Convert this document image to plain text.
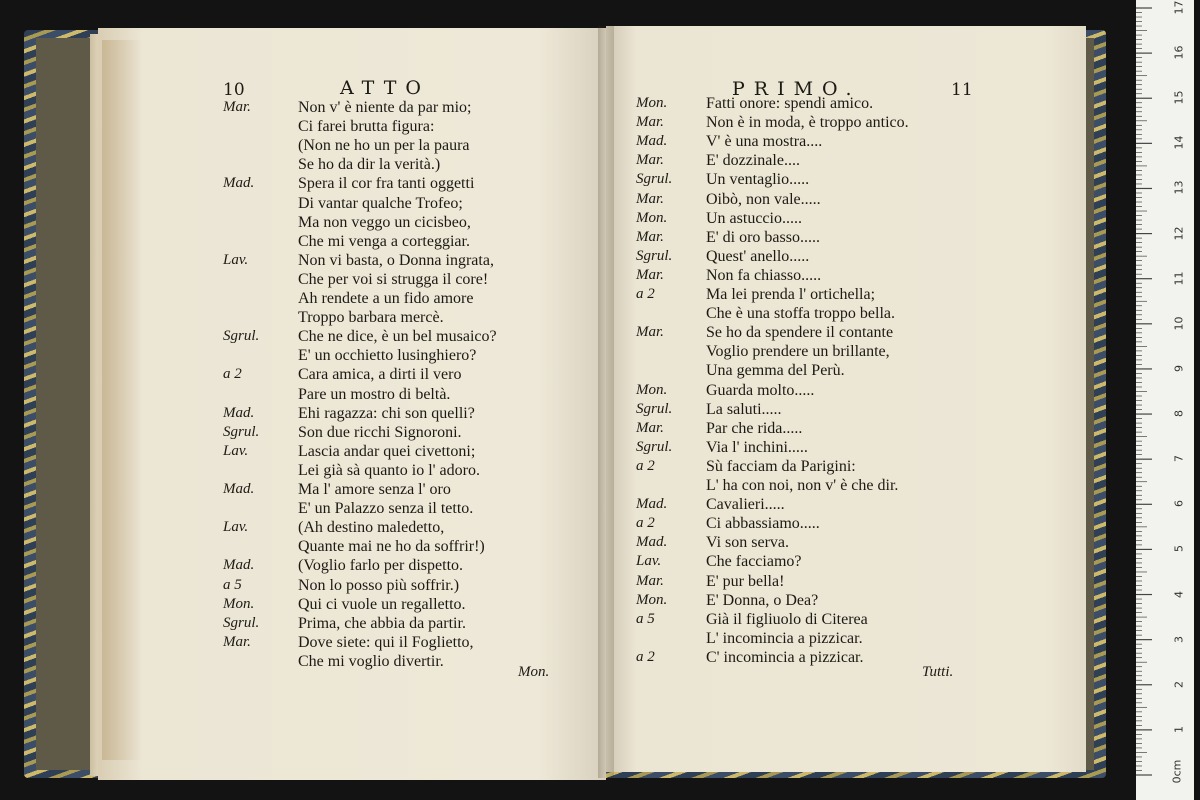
10	ATTO
Mar.	Non v' è niente da par mio;
Ci farei brutta figura:
(Non ne ho un per la paura
Se ho da dir la verità.)
Mad.	Spera il cor fra tanti oggetti
Di vantar qualche Trofeo;
Ma non veggo un cicisbeo,
Che mi venga a corteggiar.
Lav.	Non vi basta, o Donna ingrata,
Che per voi si strugga il core!
Ah rendete a un fido amore
Troppo barbara mercè.
Sgrul. Che ne dice, è un bel musaico?
E' un occhietto lusinghiero?
a 2	Cara amica, a dirti il vero
Pare un mostro di beltà.
Mad.	Ehi ragazza: chi son quelli?
Sgrul. Son due ricchi Signoroni.
Lav.	Lascia andar quei civettoni;
Lei già sà quanto io l' adoro.
Mad.	Ma l' amore senza l' oro
E' un Palazzo senza il tetto.
Lav.	(Ah destino maledetto,
Quante mai ne ho da soffrir!)
Mad.	(Voglio farlo per dispetto.
a 5	Non lo posso più soffrir.)
Mon.	Qui ci vuole un regalletto.
Sgrul. Prima, che abbia da partir.
Mar.	Dove siete: qui il Foglietto,
Che mi voglio divertir.
Mon.
PRIMO.	11
Mon. Fatti onore: spendi amico.
Mar.	Non è in moda, è troppo antico.
Mad. V' è una mostra....
Mar.	E' dozzinale....
Sgrul. Un ventaglio.....
Mar.	Oibò, non vale.....
Mon. Un astuccio.....
Mar.	E' di oro basso.....
Sgrul. Quest' anello.....
Mar.	Non fa chiasso.....
a 2	Ma lei prenda l' ortichella;
Che è una stoffa troppo bella.
Mar.	Se ho da spendere il contante
Voglio prendere un brillante,
Una gemma del Perù.
Mon. Guarda molto.....
Sgrul. La saluti.....
Mar.	Par che rida.....
Sgrul. Via l' inchini.....
a 2	Sù facciam da Parigini:
L' ha con noi, non v' è che dir.
Mad. Cavalieri.....
a 2	Ci abbassiamo.....
Mad. Vi son serva.
Lav.	Che facciamo?
Mar.	E' pur bella!
Mon. E' Donna, o Dea?
a 5	Già il figliuolo di Citerea
L' incomincia a pizzicar.
a 2	C' incomincia a pizzicar.
Tutti.
0cm
1
2
3
4
5
6
7
8
9
10
11
12
13
14
15
16
17
